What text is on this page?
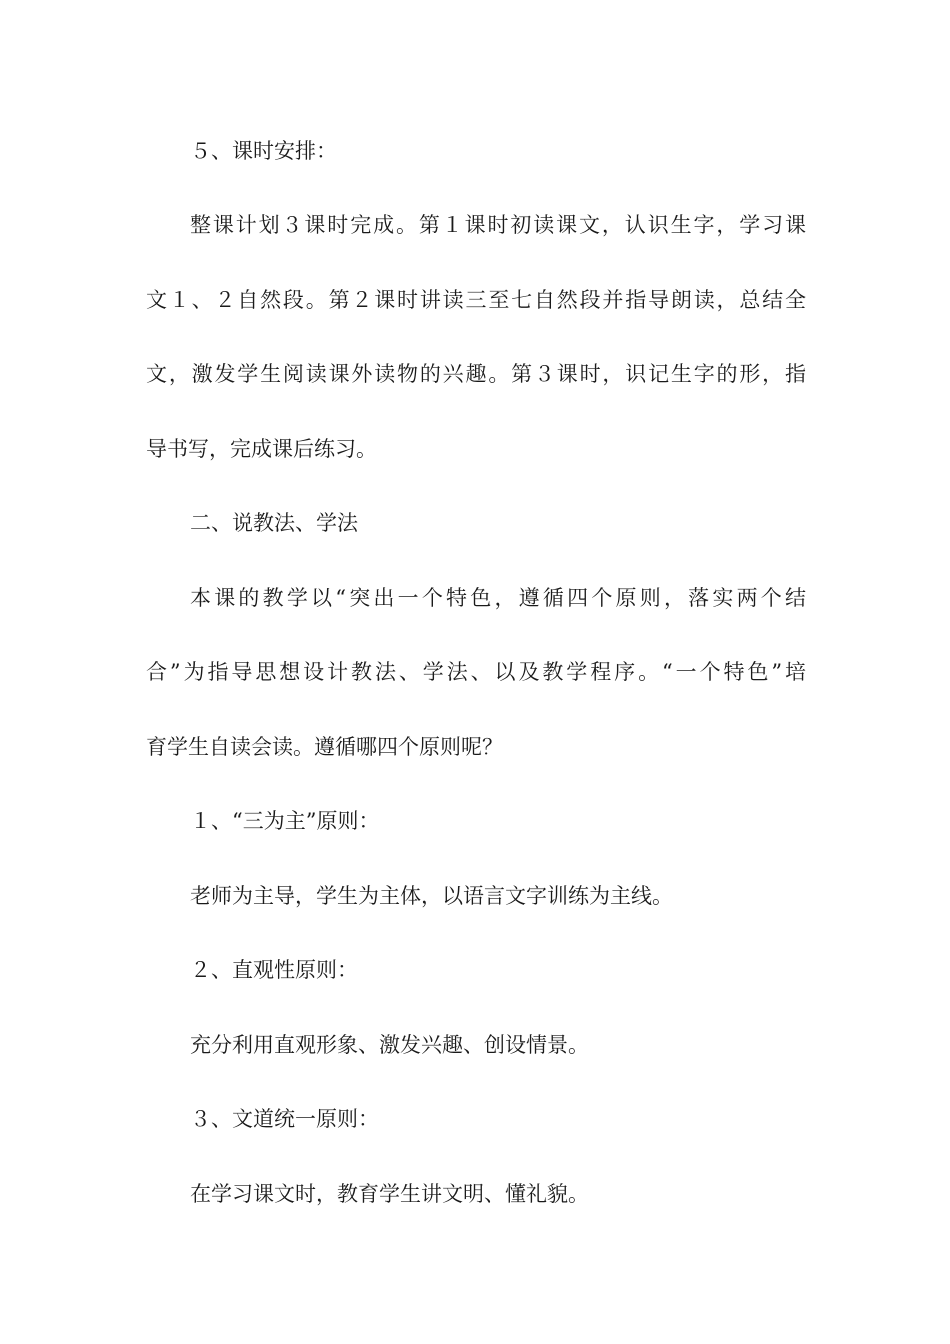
５、课时安排：
整课计划３课时完成。第１课时初读课文，认识生字，学习课
文１、２自然段。第２课时讲读三至七自然段并指导朗读，总结全
文，激发学生阅读课外读物的兴趣。第３课时，识记生字的形，指
导书写，完成课后练习。
二、说教法、学法
本课的教学以“突出一个特色，遵循四个原则，落实两个结
合”为指导思想设计教法、学法、以及教学程序。“一个特色”培
育学生自读会读。遵循哪四个原则呢？
１、“三为主”原则：
老师为主导，学生为主体，以语言文字训练为主线。
２、直观性原则：
充分利用直观形象、激发兴趣、创设情景。
３、文道统一原则：
在学习课文时，教育学生讲文明、懂礼貌。
